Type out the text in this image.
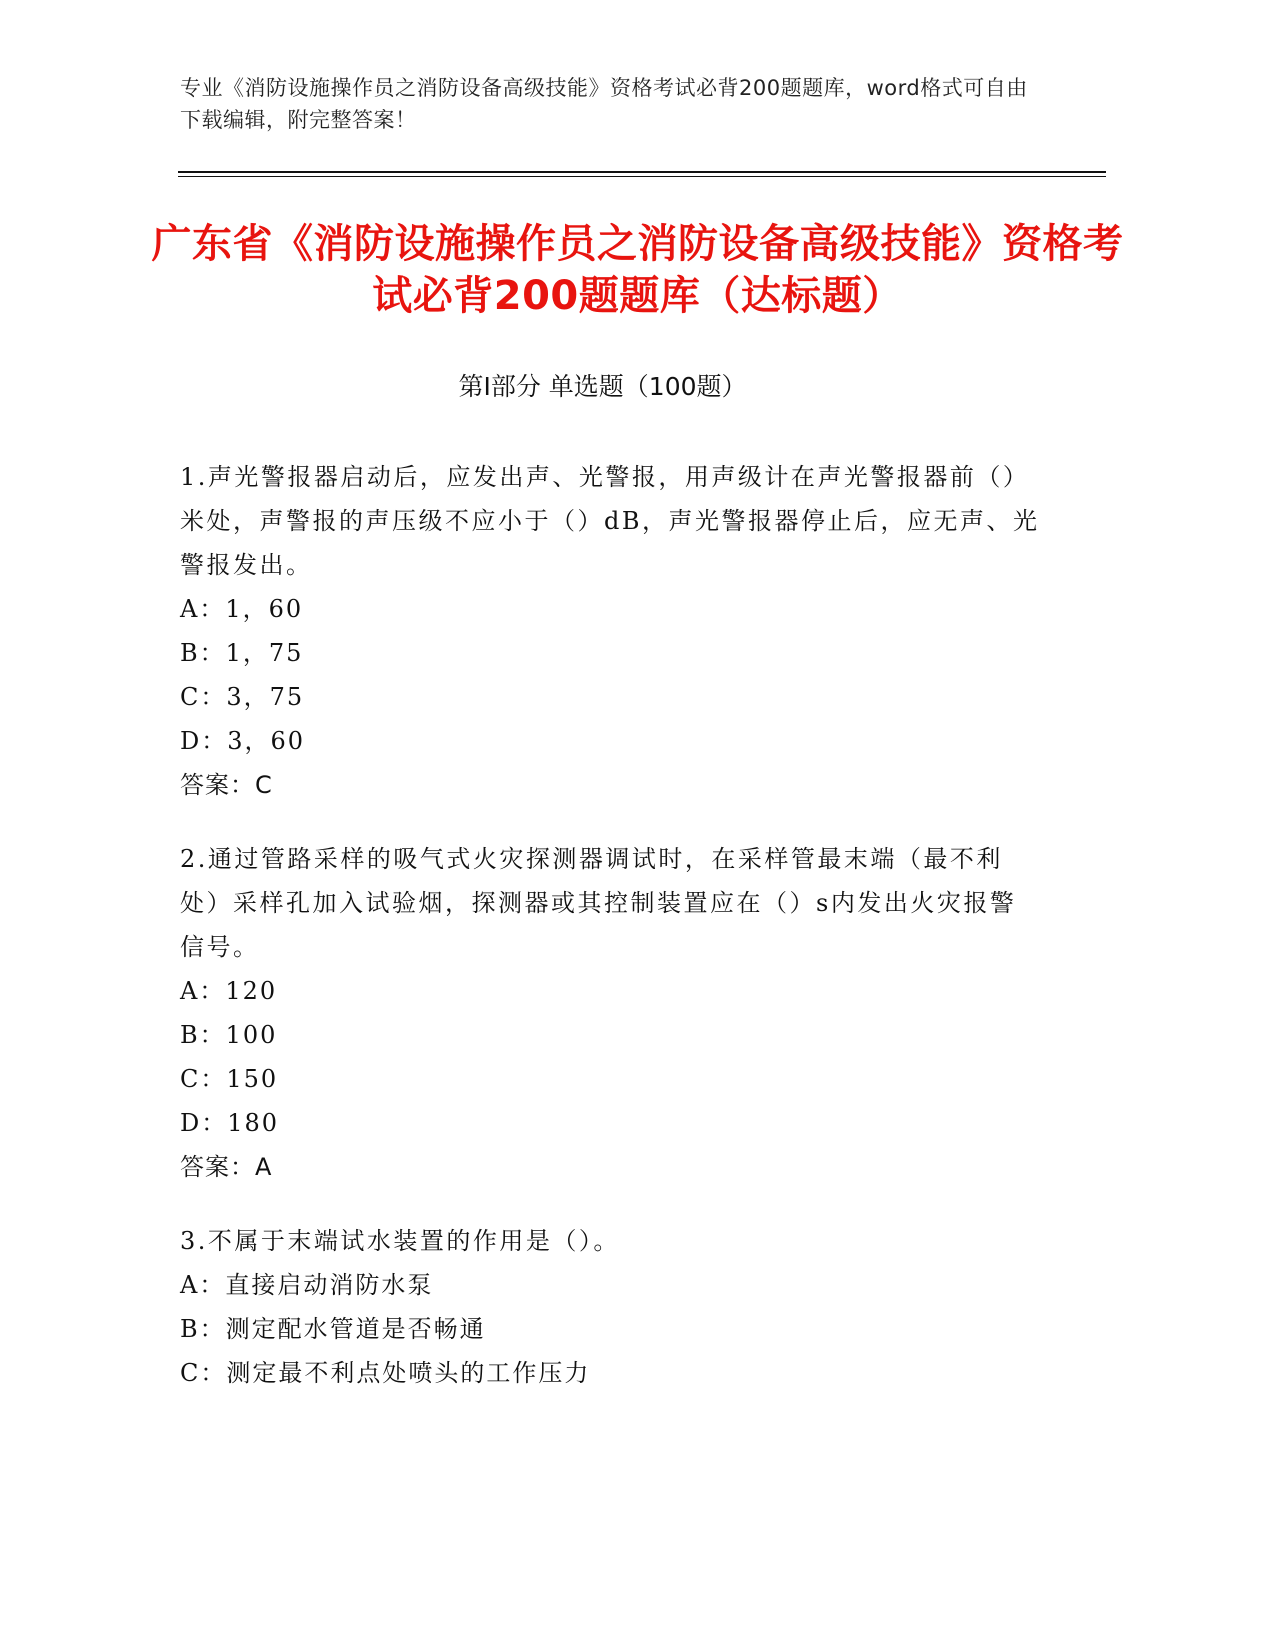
专业《消防设施操作员之消防设备高级技能》资格考试必背200题题库，word格式可自由下载编辑，附完整答案！
广东省《消防设施操作员之消防设备高级技能》资格考试必背200题题库（达标题）
第Ⅰ部分 单选题（100题）
1.声光警报器启动后，应发出声、光警报，用声级计在声光警报器前（）米处，声警报的声压级不应小于（）dB，声光警报器停止后，应无声、光警报发出。
A：1，60
B：1，75
C：3，75
D：3，60
答案：C
2.通过管路采样的吸气式火灾探测器调试时，在采样管最末端（最不利处）采样孔加入试验烟，探测器或其控制装置应在（）s内发出火灾报警信号。
A：120
B：100
C：150
D：180
答案：A
3.不属于末端试水装置的作用是（）。
A：直接启动消防水泵
B：测定配水管道是否畅通
C：测定最不利点处喷头的工作压力
